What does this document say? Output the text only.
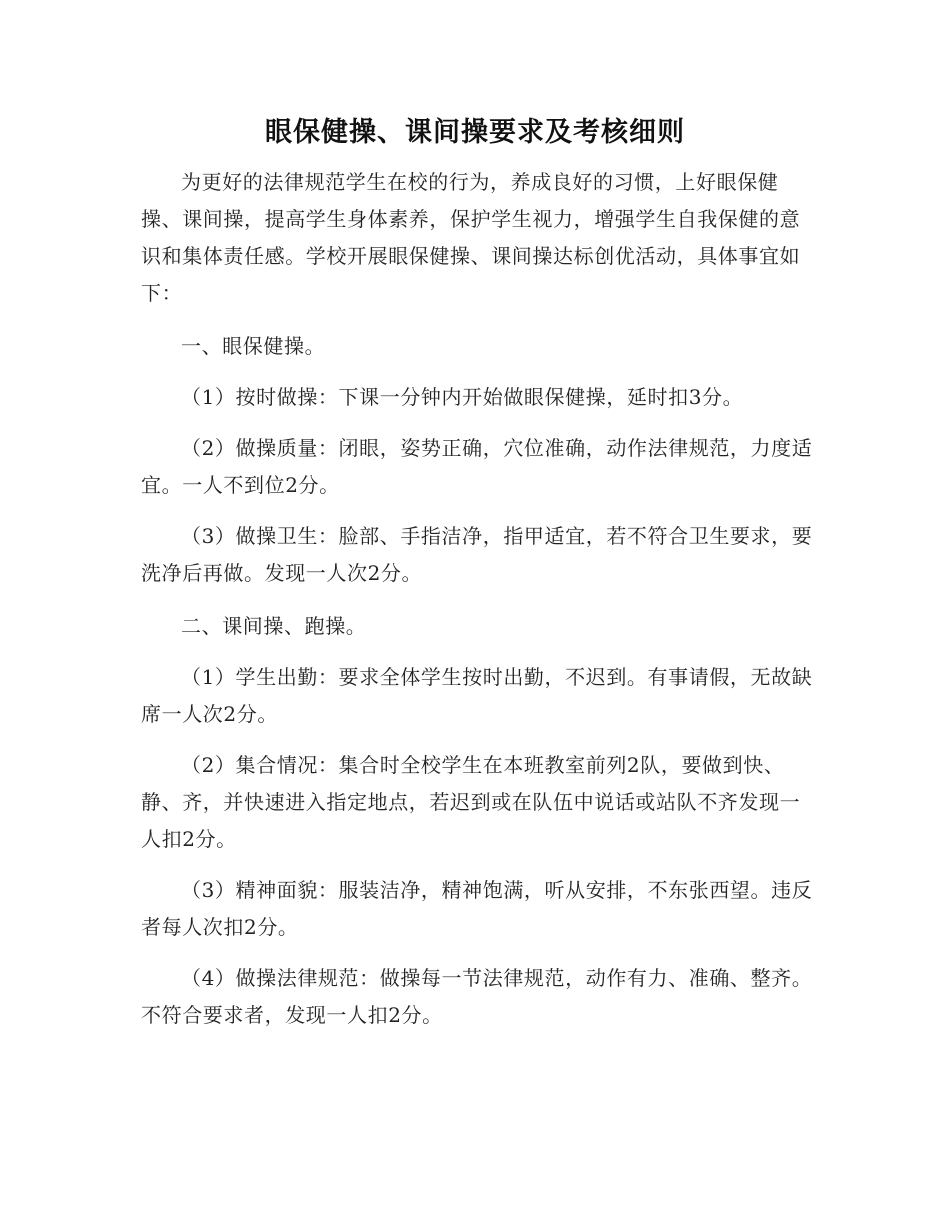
眼保健操、课间操要求及考核细则

为更好的法律规范学生在校的行为，养成良好的习惯，上好眼保健操、课间操，提高学生身体素养，保护学生视力，增强学生自我保健的意识和集体责任感。学校开展眼保健操、课间操达标创优活动，具体事宜如下：

一、眼保健操。

（1）按时做操：下课一分钟内开始做眼保健操，延时扣3分。

（2）做操质量：闭眼，姿势正确，穴位准确，动作法律规范，力度适宜。一人不到位2分。

（3）做操卫生：脸部、手指洁净，指甲适宜，若不符合卫生要求，要洗净后再做。发现一人次2分。

二、课间操、跑操。

（1）学生出勤：要求全体学生按时出勤，不迟到。有事请假，无故缺席一人次2分。

（2）集合情况：集合时全校学生在本班教室前列2队，要做到快、静、齐，并快速进入指定地点，若迟到或在队伍中说话或站队不齐发现一人扣2分。

（3）精神面貌：服装洁净，精神饱满，听从安排，不东张西望。违反者每人次扣2分。

（4）做操法律规范：做操每一节法律规范，动作有力、准确、整齐。不符合要求者，发现一人扣2分。
